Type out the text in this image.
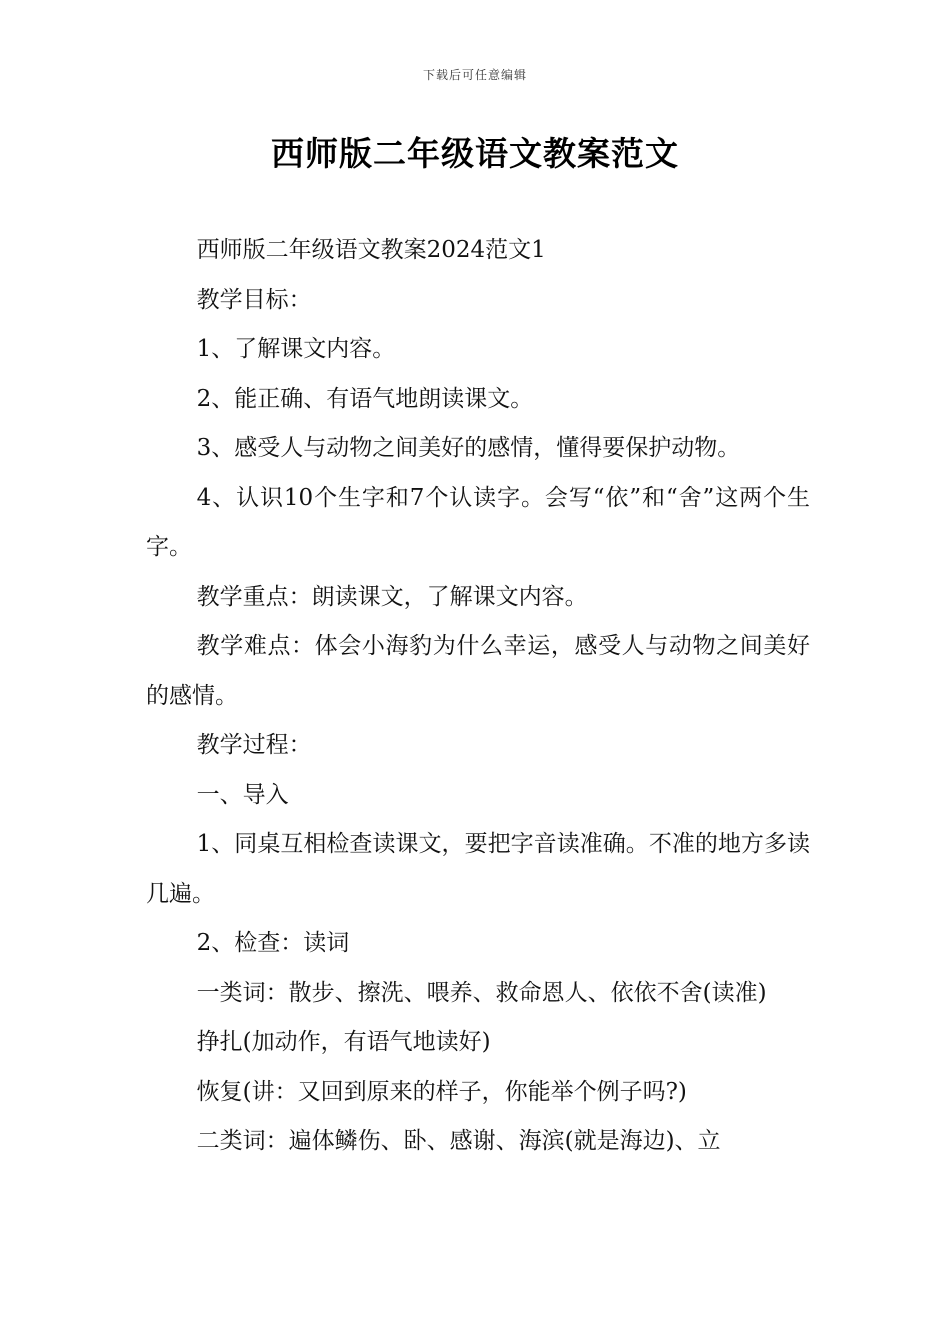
下载后可任意编辑
西师版二年级语文教案范文

西师版二年级语文教案2024范文1

教学目标：

1、了解课文内容。

2、能正确、有语气地朗读课文。

3、感受人与动物之间美好的感情，懂得要保护动物。

4、认识10个生字和7个认读字。会写“依”和“舍”这两个生字。

教学重点：朗读课文，了解课文内容。

教学难点：体会小海豹为什么幸运，感受人与动物之间美好的感情。

教学过程：

一、导入

1、同桌互相检查读课文，要把字音读准确。不准的地方多读几遍。

2、检查：读词

一类词：散步、擦洗、喂养、救命恩人、依依不舍(读准)

挣扎(加动作，有语气地读好)

恢复(讲：又回到原来的样子，你能举个例子吗?)

二类词：遍体鳞伤、卧、感谢、海滨(就是海边)、立
